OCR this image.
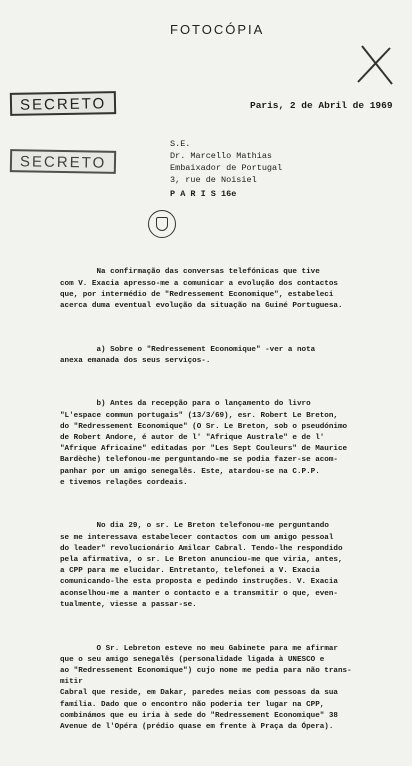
FOTOCÓPIA
SECRETO
SECRETO
Paris, 2 de Abril de 1969
S.E.
Dr. Marcello Mathias
Embaixador de Portugal
3, rue de Noisiel
P A R I S 16e

Na confirmação das conversas telefónicas que tive
com V. Exacia apresso-me a comunicar a evolução dos contactos
que, por intermédio de "Redressement Economique", estabeleci
acerca duma eventual evolução da situação na Guiné Portuguesa.

a) Sobre o "Redressement Economique" -ver a nota
anexa emanada dos seus serviços-.

b) Antes da recepção para o lançamento do livro
"L'espace commun portugais" (13/3/69), esr. Robert Le Breton,
do "Redressement Economique" (O Sr. Le Breton, sob o pseudónimo
de Robert Andore, é autor de l' "Afrique Australe" e de l'
"Afrique Africaine" editadas por "Les Sept Couleurs" de Maurice
Bardèche) telefonou-me perguntando-me se podia fazer-se acom-
panhar por um amigo senegalês. Este, atardou-se na C.P.P.
e tivemos relações cordeais.

No dia 29, o sr. Le Breton telefonou-me perguntando
se me interessava estabelecer contactos com um amigo pessoal
do leader" revolucionário Amilcar Cabral. Tendo-lhe respondido
pela afirmativa, o sr. Le Breton anunciou-me que viria, antes,
a CPP para me elucidar. Entretanto, telefonei a V. Exacia
comunicando-lhe esta proposta e pedindo instruções. V. Exacia
aconselhou-me a manter o contacto e a transmitir o que, even-
tualmente, viesse a passar-se.

O Sr. Lebreton esteve no meu Gabinete para me afirmar
que o seu amigo senegalês (personalidade ligada à UNESCO e
ao "Redressement Economique") cujo nome me pedia para não trans-
mitir
Cabral que reside, em Dakar, paredes meias com pessoas da sua
família. Dado que o encontro não poderia ter lugar na CPP,
combinámos que eu iria à sede do "Redressement Economique" 38
Avenue de l'Opéra (prédio quase em frente à Praça da Ópera).
